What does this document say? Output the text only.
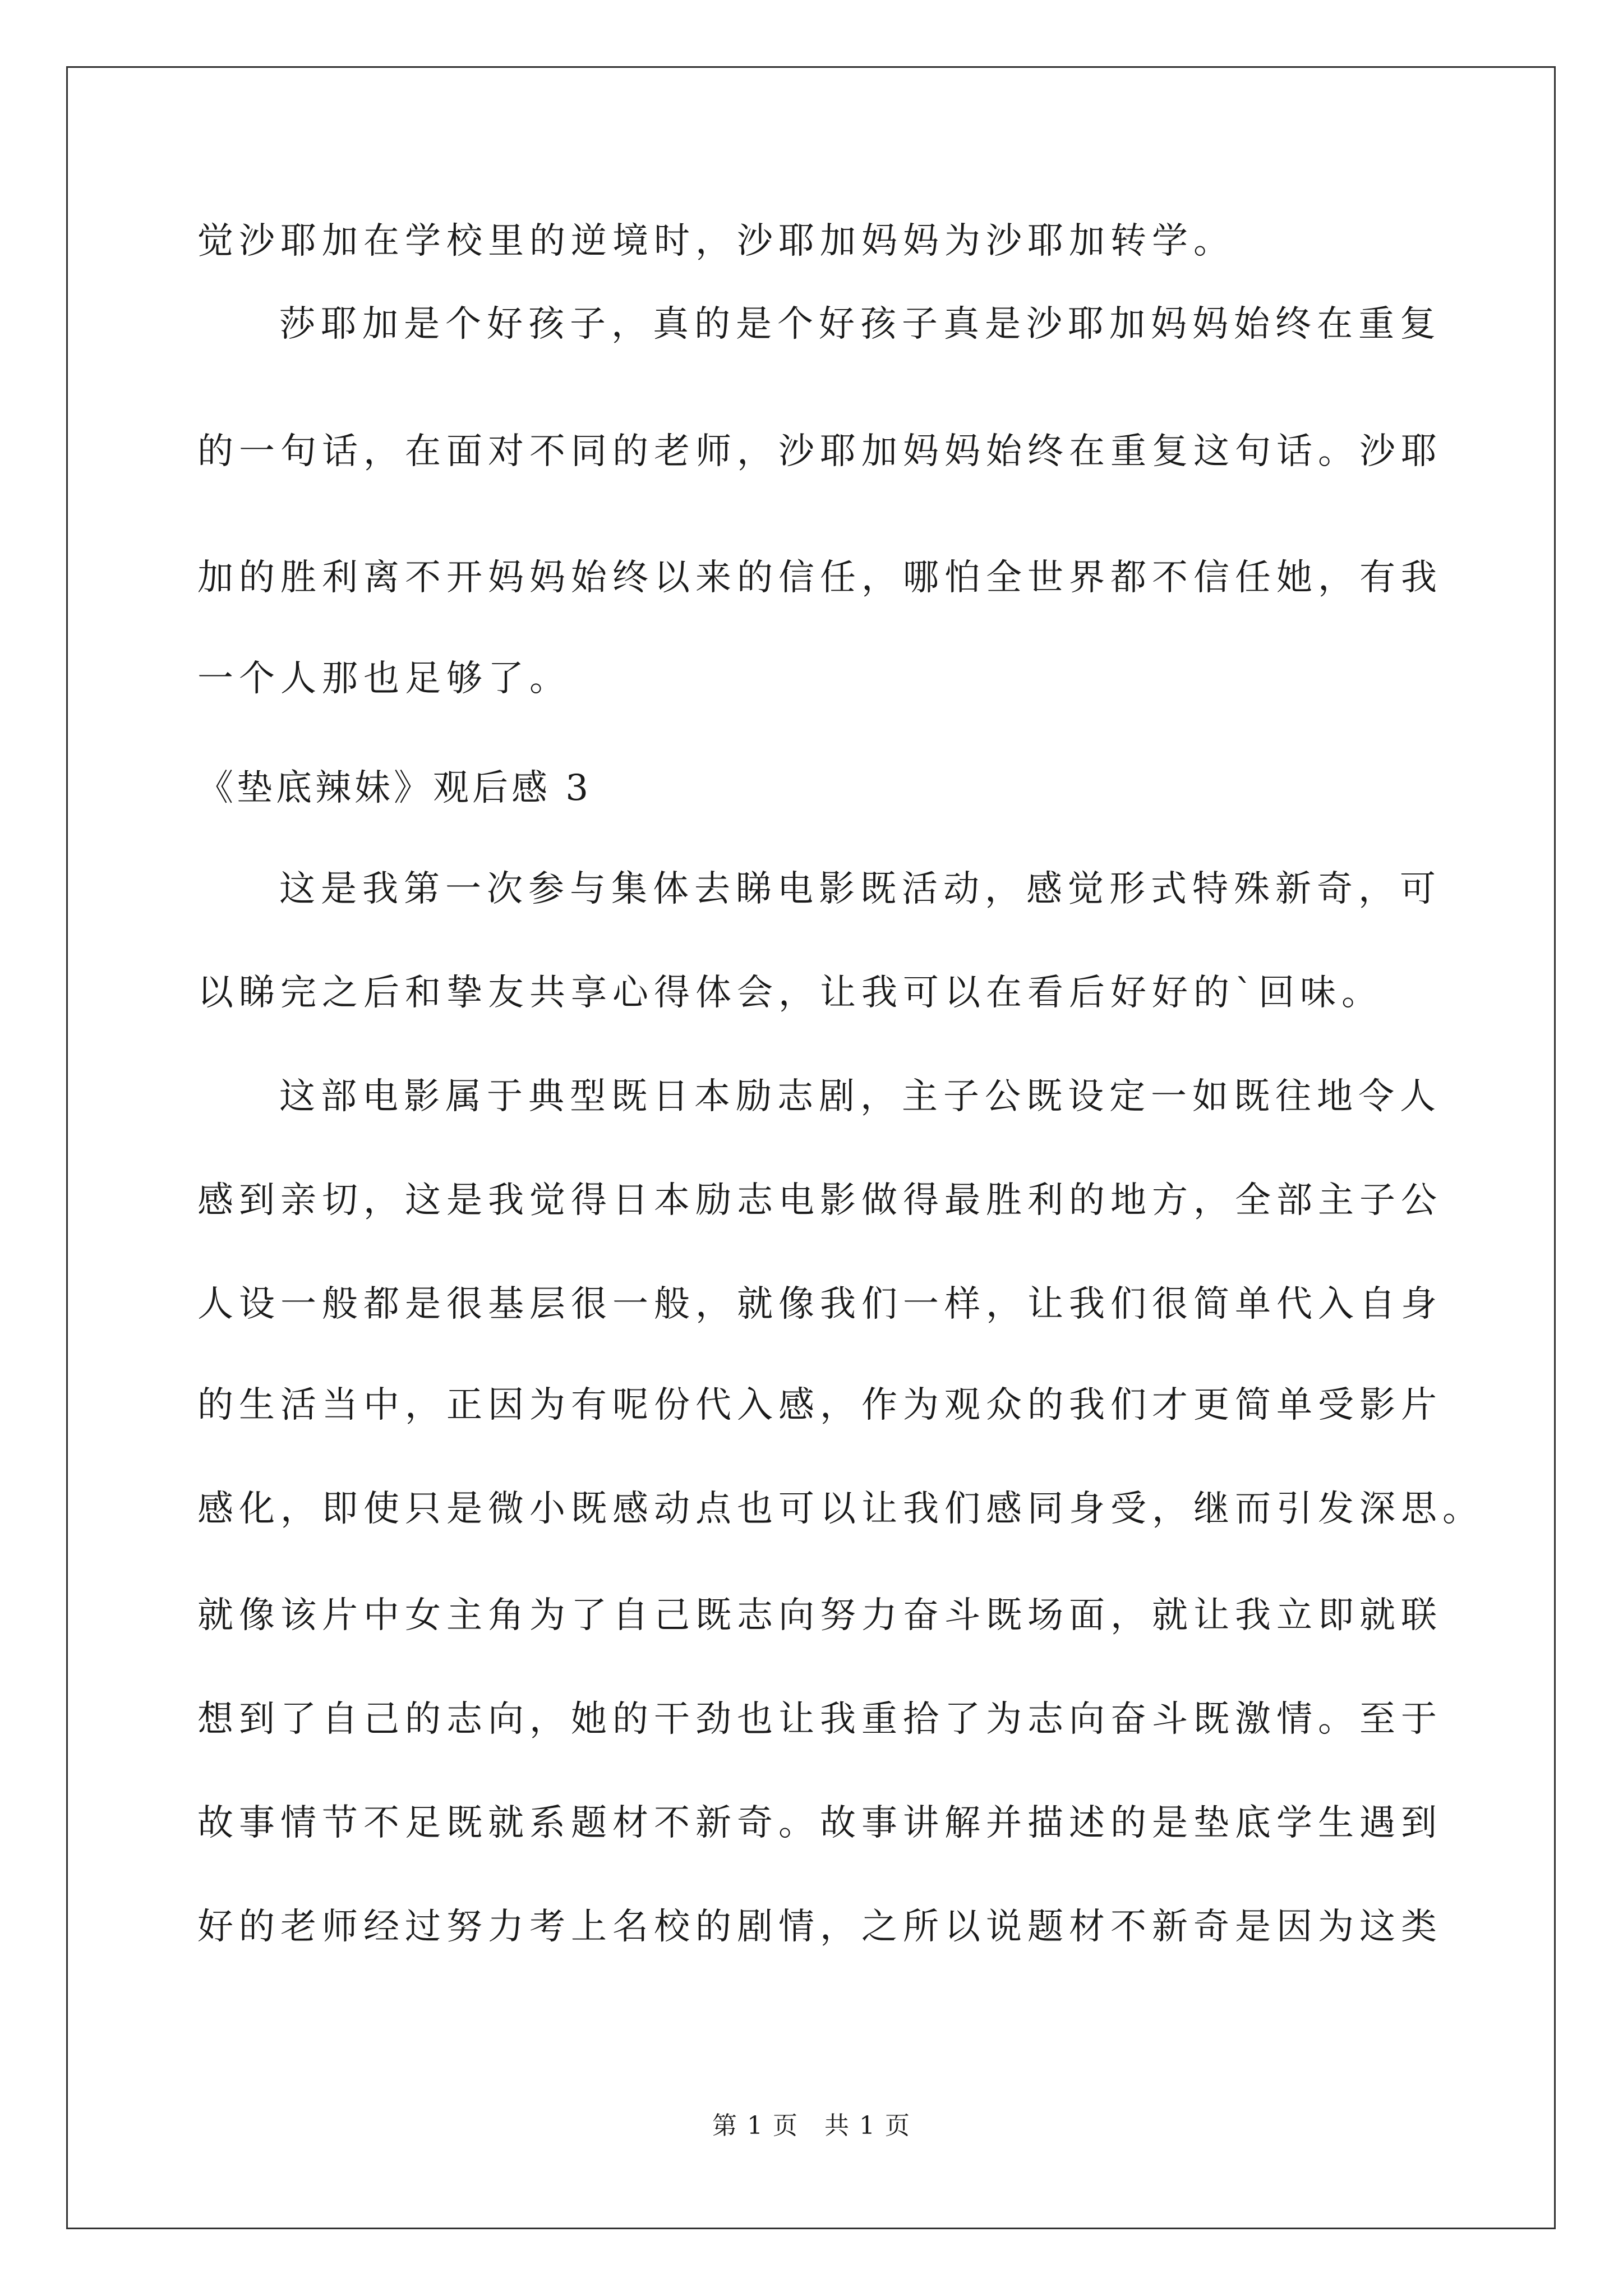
觉沙耶加在学校里的逆境时，沙耶加妈妈为沙耶加转学。

莎耶加是个好孩子，真的是个好孩子真是沙耶加妈妈始终在重复

的一句话，在面对不同的老师，沙耶加妈妈始终在重复这句话。沙耶

加的胜利离不开妈妈始终以来的信任，哪怕全世界都不信任她，有我

一个人那也足够了。

《垫底辣妹》观后感 3

这是我第一次参与集体去睇电影既活动，感觉形式特殊新奇，可

以睇完之后和挚友共享心得体会，让我可以在看后好好的`回味。

这部电影属于典型既日本励志剧，主子公既设定一如既往地令人

感到亲切，这是我觉得日本励志电影做得最胜利的地方，全部主子公

人设一般都是很基层很一般，就像我们一样，让我们很简单代入自身

的生活当中，正因为有呢份代入感，作为观众的我们才更简单受影片

感化，即使只是微小既感动点也可以让我们感同身受，继而引发深思。

就像该片中女主角为了自己既志向努力奋斗既场面，就让我立即就联

想到了自己的志向，她的干劲也让我重拾了为志向奋斗既激情。至于

故事情节不足既就系题材不新奇。故事讲解并描述的是垫底学生遇到

好的老师经过努力考上名校的剧情，之所以说题材不新奇是因为这类

第 1 页　共 1 页
